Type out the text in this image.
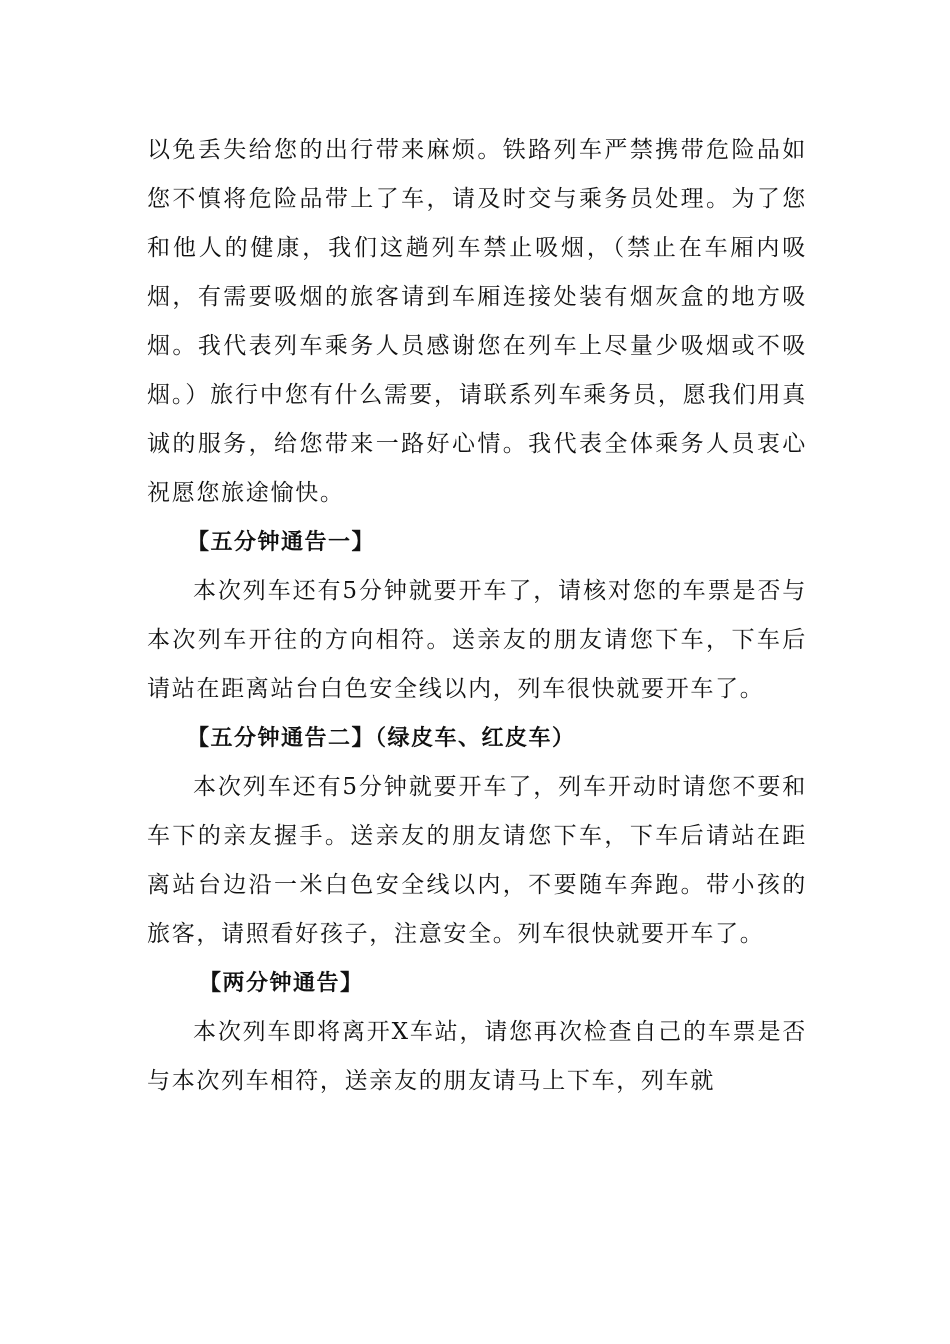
以免丢失给您的出行带来麻烦。铁路列车严禁携带危险品如您不慎将危险品带上了车，请及时交与乘务员处理。为了您和他人的健康，我们这趟列车禁止吸烟，（禁止在车厢内吸烟，有需要吸烟的旅客请到车厢连接处装有烟灰盒的地方吸烟。我代表列车乘务人员感谢您在列车上尽量少吸烟或不吸烟。）旅行中您有什么需要，请联系列车乘务员，愿我们用真诚的服务，给您带来一路好心情。我代表全体乘务人员衷心祝愿您旅途愉快。

【五分钟通告一】

本次列车还有5分钟就要开车了，请核对您的车票是否与本次列车开往的方向相符。送亲友的朋友请您下车，下车后请站在距离站台白色安全线以内，列车很快就要开车了。

【五分钟通告二】（绿皮车、红皮车）

本次列车还有5分钟就要开车了，列车开动时请您不要和车下的亲友握手。送亲友的朋友请您下车，下车后请站在距离站台边沿一米白色安全线以内，不要随车奔跑。带小孩的旅客，请照看好孩子，注意安全。列车很快就要开车了。

【两分钟通告】

本次列车即将离开X车站，请您再次检查自己的车票是否与本次列车相符，送亲友的朋友请马上下车，列车就
